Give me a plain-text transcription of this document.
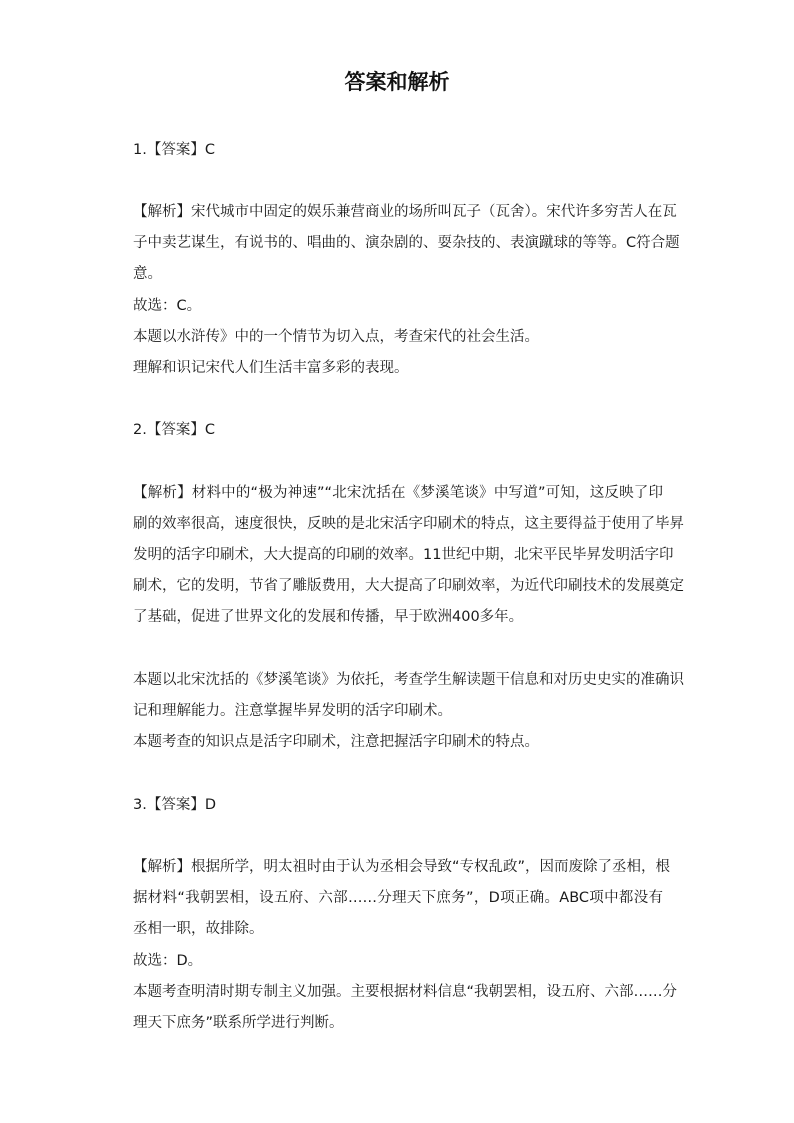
答案和解析
1.【答案】C
【解析】宋代城市中固定的娱乐兼营商业的场所叫瓦子（瓦舍）。宋代许多穷苦人在瓦
子中卖艺谋生，有说书的、唱曲的、演杂剧的、耍杂技的、表演蹴球的等等。C符合题
意。
故选：C。
本题以水浒传》中的一个情节为切入点，考查宋代的社会生活。
理解和识记宋代人们生活丰富多彩的表现。
2.【答案】C
【解析】材料中的“极为神速”“北宋沈括在《梦溪笔谈》中写道”可知，这反映了印
刷的效率很高，速度很快，反映的是北宋活字印刷术的特点，这主要得益于使用了毕昇
发明的活字印刷术，大大提高的印刷的效率。11世纪中期，北宋平民毕昇发明活字印
刷术，它的发明，节省了雕版费用，大大提高了印刷效率，为近代印刷技术的发展奠定
了基础，促进了世界文化的发展和传播，早于欧洲400多年。
本题以北宋沈括的《梦溪笔谈》为依托，考查学生解读题干信息和对历史史实的准确识
记和理解能力。注意掌握毕昇发明的活字印刷术。
本题考查的知识点是活字印刷术，注意把握活字印刷术的特点。
3.【答案】D
【解析】根据所学，明太祖时由于认为丞相会导致“专权乱政”，因而废除了丞相，根
据材料“我朝罢相，设五府、六部……分理天下庶务”，D项正确。ABC项中都没有
丞相一职，故排除。
故选：D。
本题考查明清时期专制主义加强。主要根据材料信息“我朝罢相，设五府、六部……分
理天下庶务”联系所学进行判断。
